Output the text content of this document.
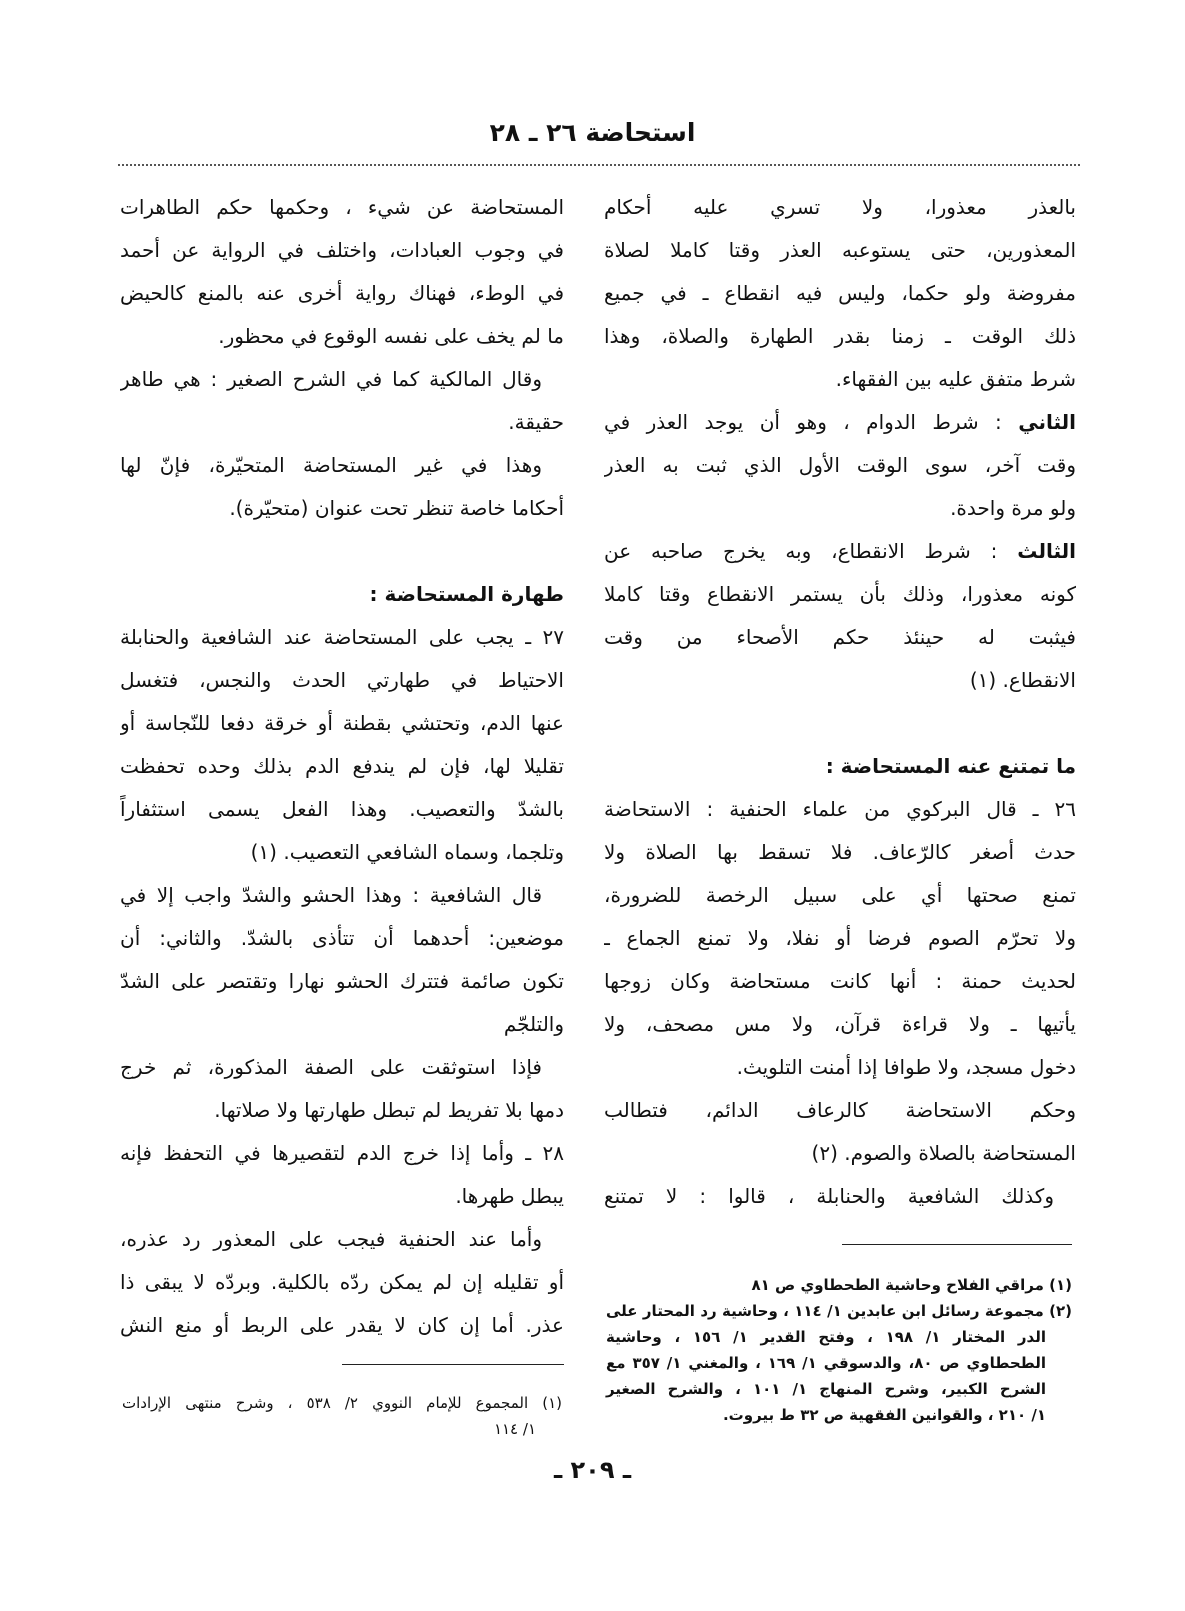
استحاضة ٢٦ ـ ٢٨
بالعذر معذورا، ولا تسري عليه أحكام
المعذورين، حتى يستوعبه العذر وقتا كاملا لصلاة
مفروضة ولو حكما، وليس فيه انقطاع ـ في جميع
ذلك الوقت ـ زمنا بقدر الطهارة والصلاة، وهذا
شرط متفق عليه بين الفقهاء.
الثاني : شرط الدوام ، وهو أن يوجد العذر في
وقت آخر، سوى الوقت الأول الذي ثبت به العذر
ولو مرة واحدة.
الثالث : شرط الانقطاع، وبه يخرج صاحبه عن
كونه معذورا، وذلك بأن يستمر الانقطاع وقتا كاملا
فيثبت له حينئذ حكم الأصحاء من وقت
الانقطاع. (١)
ما تمتنع عنه المستحاضة :
٢٦ ـ قال البركوي من علماء الحنفية : الاستحاضة
حدث أصغر كالرّعاف. فلا تسقط بها الصلاة ولا
تمنع صحتها أي على سبيل الرخصة للضرورة،
ولا تحرّم الصوم فرضا أو نفلا، ولا تمنع الجماع ـ
لحديث حمنة : أنها كانت مستحاضة وكان زوجها
يأتيها ـ ولا قراءة قرآن، ولا مس مصحف، ولا
دخول مسجد، ولا طوافا إذا أمنت التلويث.
وحكم الاستحاضة كالرعاف الدائم، فتطالب
المستحاضة بالصلاة والصوم. (٢)
وكذلك الشافعية والحنابلة ، قالوا : لا تمتنع
المستحاضة عن شيء ، وحكمها حكم الطاهرات
في وجوب العبادات، واختلف في الرواية عن أحمد
في الوطء، فهناك رواية أخرى عنه بالمنع كالحيض
ما لم يخف على نفسه الوقوع في محظور.
وقال المالكية كما في الشرح الصغير : هي طاهر
حقيقة.
وهذا في غير المستحاضة المتحيّرة، فإنّ لها
أحكاما خاصة تنظر تحت عنوان (متحيّرة).
طهارة المستحاضة :
٢٧ ـ يجب على المستحاضة عند الشافعية والحنابلة
الاحتياط في طهارتي الحدث والنجس، فتغسل
عنها الدم، وتحتشي بقطنة أو خرقة دفعا للنّجاسة أو
تقليلا لها، فإن لم يندفع الدم بذلك وحده تحفظت
بالشدّ والتعصيب. وهذا الفعل يسمى استثفاراً
وتلجما، وسماه الشافعي التعصيب. (١)
قال الشافعية : وهذا الحشو والشدّ واجب إلا في
موضعين: أحدهما أن تتأذى بالشدّ. والثاني: أن
تكون صائمة فتترك الحشو نهارا وتقتصر على الشدّ
والتلجّم
فإذا استوثقت على الصفة المذكورة، ثم خرج
دمها بلا تفريط لم تبطل طهارتها ولا صلاتها.
٢٨ ـ وأما إذا خرج الدم لتقصيرها في التحفظ فإنه
يبطل طهرها.
وأما عند الحنفية فيجب على المعذور رد عذره،
أو تقليله إن لم يمكن ردّه بالكلية. وبردّه لا يبقى ذا
عذر. أما إن كان لا يقدر على الربط أو منع النش
(١) مراقي الفلاح وحاشية الطحطاوي ص ٨١
(٢) مجموعة رسائل ابن عابدين ١/ ١١٤ ، وحاشية رد المحتار على
الدر المختار ١/ ١٩٨ ، وفتح القدير ١/ ١٥٦ ، وحاشية
الطحطاوي ص ٨٠، والدسوقي ١/ ١٦٩ ، والمغني ١/ ٣٥٧ مع
الشرح الكبير، وشرح المنهاج ١/ ١٠١ ، والشرح الصغير
١/ ٢١٠ ، والقوانين الفقهية ص ٣٢ ط بيروت.
(١) المجموع للإمام النووي ٢/ ٥٣٨ ، وشرح منتهى الإرادات
١/ ١١٤
ـ ٢٠٩ ـ
